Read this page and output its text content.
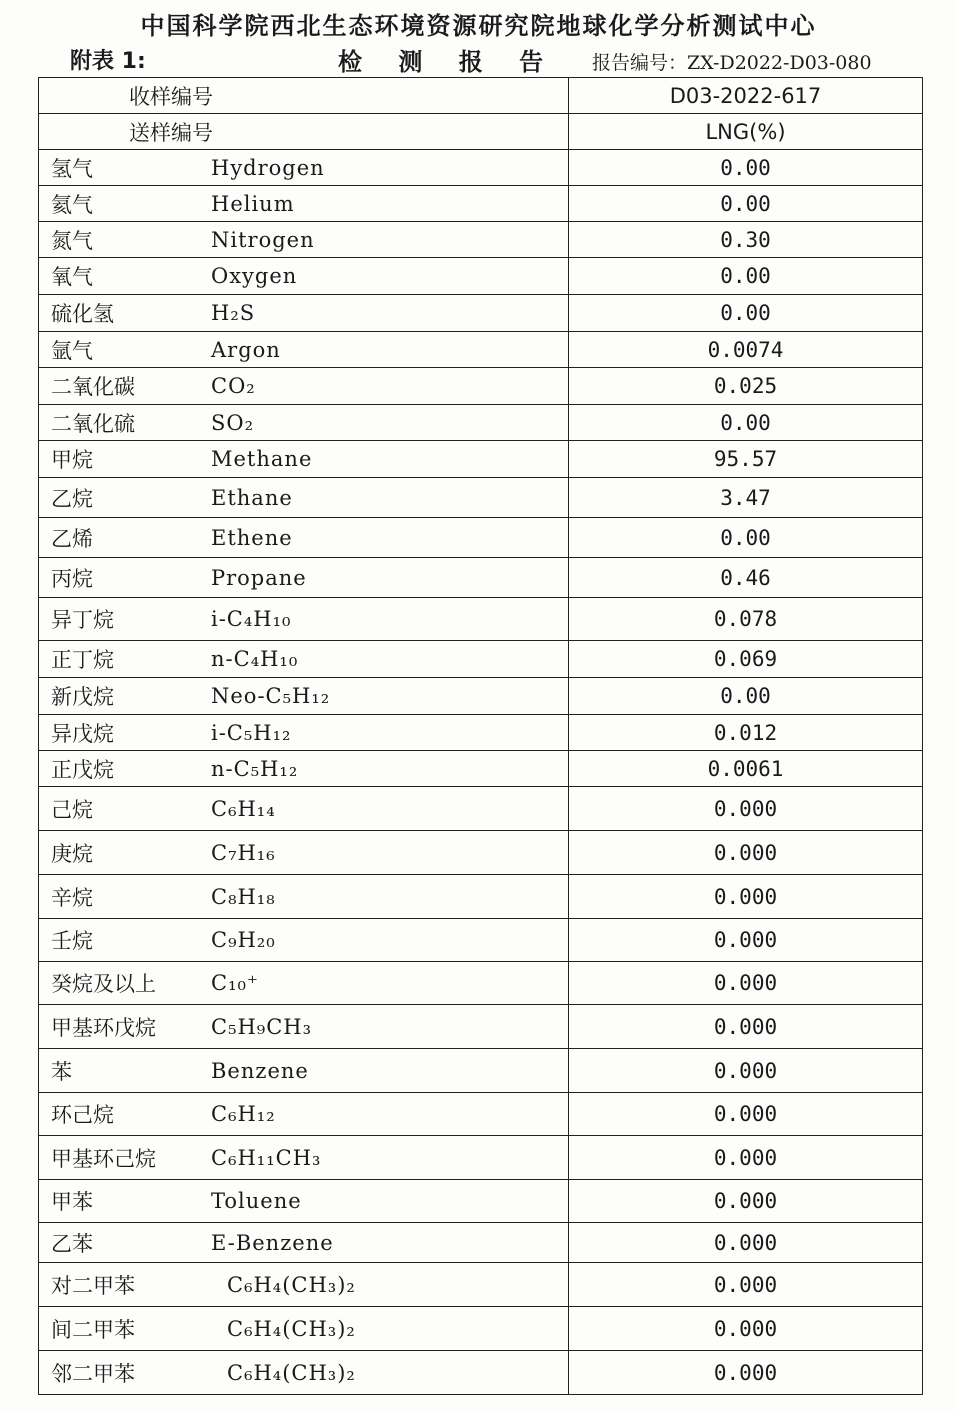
中国科学院西北生态环境资源研究院地球化学分析测试中心
附表 1:	检 测 报 告 报告编号：ZX-D2022-D03-080
收样编号	D03-2022-617
送样编号	LNG(%)

氢气 Hydrogen	0.00

氦气 Helium	0.00

氮气 Nitrogen	0.30

氧气 Oxygen	0.00

硫化氢 H₂S	0.00

氩气 Argon	0.0074

二氧化碳 CO₂	0.025

二氧化硫 SO₂	0.00

甲烷 Methane	95.57

乙烷 Ethane	3.47

乙烯 Ethene	0.00

丙烷 Propane	0.46

异丁烷 i-C₄H₁₀	0.078

正丁烷 n-C₄H₁₀	0.069

新戊烷 Neo-C₅H₁₂	0.00

异戊烷 i-C₅H₁₂	0.012

正戊烷 n-C₅H₁₂	0.0061

己烷 C₆H₁₄	0.000

庚烷 C₇H₁₆	0.000

辛烷 C₈H₁₈	0.000

壬烷 C₉H₂₀	0.000

癸烷及以上 C₁₀⁺	0.000

甲基环戊烷 C₅H₉CH₃	0.000

苯 Benzene	0.000

环己烷 C₆H₁₂	0.000

甲基环己烷 C₆H₁₁CH₃	0.000

甲苯 Toluene	0.000

乙苯 E-Benzene	0.000

对二甲苯 C₆H₄(CH₃)₂	0.000

间二甲苯 C₆H₄(CH₃)₂	0.000

邻二甲苯 C₆H₄(CH₃)₂	0.000
